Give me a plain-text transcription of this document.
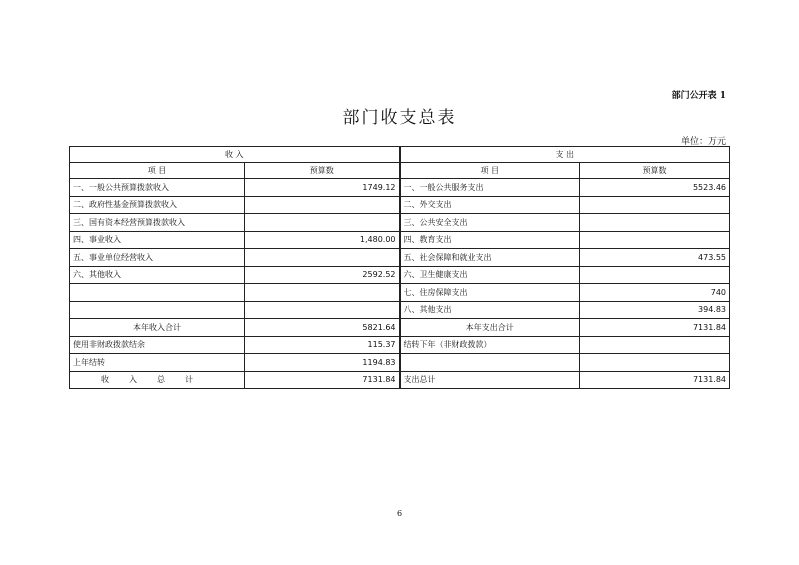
部门公开表 1
部门收支总表
单位：万元
收 入		支 出	
项 目	预算数	项 目	预算数
一、一般公共预算拨款收入	1749.12	一、一般公共服务支出	5523.46
二、政府性基金预算拨款收入		二、外交支出	
三、国有资本经营预算拨款收入		三、公共安全支出	
四、事业收入	1,480.00	四、教育支出	
五、事业单位经营收入		五、社会保障和就业支出	473.55
六、其他收入	2592.52	六、卫生健康支出	
		七、住房保障支出	740
		八、其他支出	394.83
本年收入合计	5821.64	本年支出合计	7131.84
使用非财政拨款结余	115.37	结转下年（非财政拨款）	
上年结转	1194.83		
收入总计	7131.84	支出总计	7131.84
6
